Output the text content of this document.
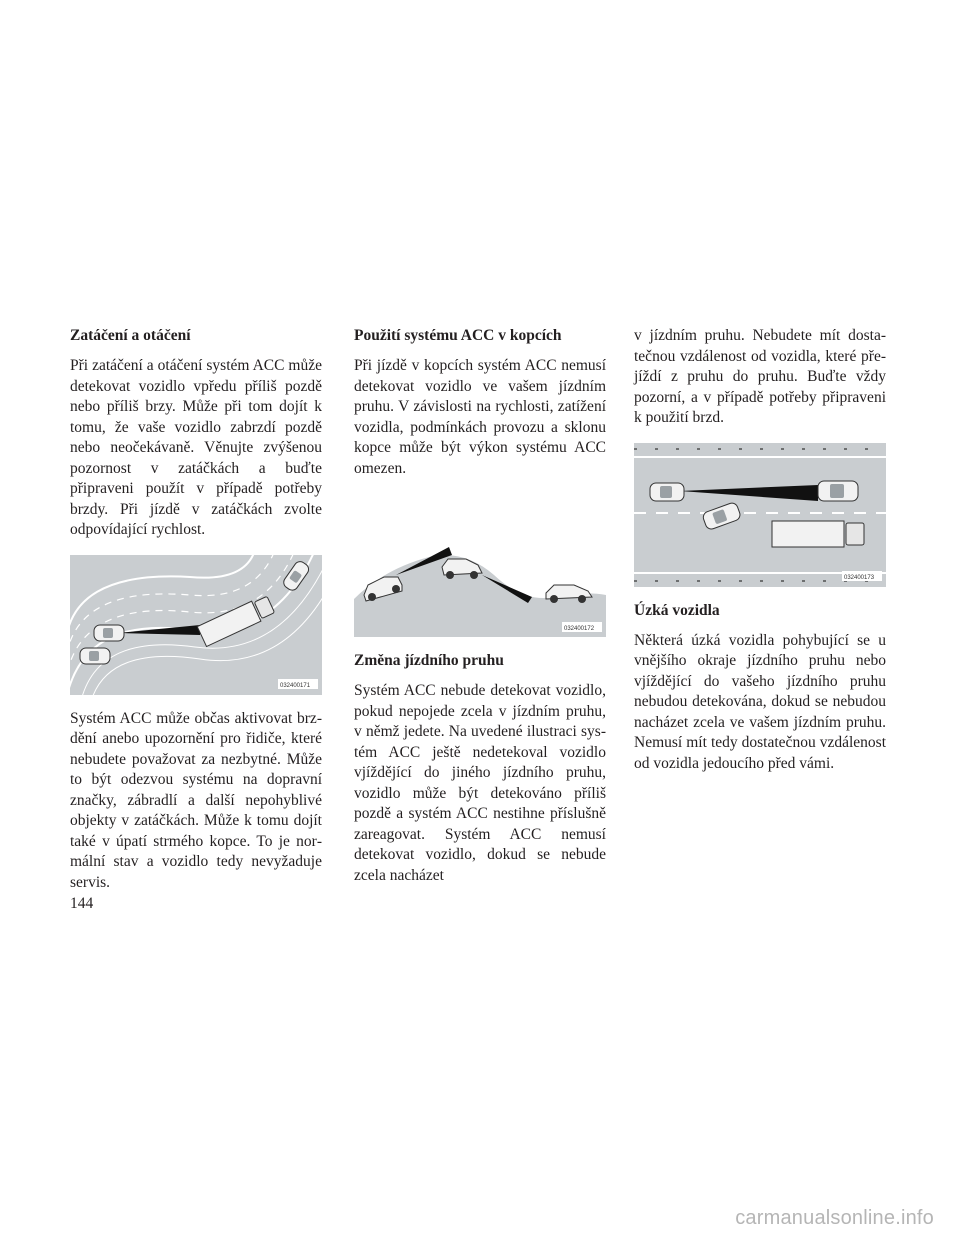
Zatáčení a otáčení

Při zatáčení a otáčení systém ACC může detekovat vozidlo vpředu příliš pozdě nebo příliš brzy. Může při tom dojít k tomu, že vaše vozidlo zabrzdí pozdě nebo neočekávaně. Věnujte zvýšenou pozornost v zatáčkách a buďte připraveni použít v případě potřeby brzdy. Při jízdě v zatáčkách zvolte odpovídající rychlost.

032400171

Systém ACC může občas aktivovat brzdění anebo upozornění pro řidiče, které nebudete považovat za nezbytné. Může to být odezvou systému na dopravní značky, zábradlí a další nepohyblivé objekty v zatáčkách. Může k tomu dojít také v úpatí strmého kopce. To je normální stav a vozidlo tedy nevyžaduje servis.

Použití systému ACC v kopcích

Při jízdě v kopcích systém ACC nemusí detekovat vozidlo ve vašem jízdním pruhu. V závislosti na rychlosti, zatížení vozidla, podmínkách provozu a sklonu kopce může být výkon systému ACC omezen.

032400172
Změna jízdního pruhu

Systém ACC nebude detekovat vozidlo, pokud nepojede zcela v jízdním pruhu, v němž jedete. Na uvedené ilustraci systém ACC ještě nedetekoval vozidlo vjíždějící do jiného jízdního pruhu, vozidlo může být detekováno příliš pozdě a systém ACC nestihne příslušně zareagovat. Systém ACC nemusí detekovat vozidlo, dokud se nebude zcela nacházet

v jízdním pruhu. Nebudete mít dostatečnou vzdálenost od vozidla, které přejíždí z pruhu do pruhu. Buďte vždy pozorní, a v případě potřeby připraveni k použití brzd.

032400173
Úzká vozidla

Některá úzká vozidla pohybující se u vnějšího okraje jízdního pruhu nebo vjíždějící do vašeho jízdního pruhu nebudou detekována, dokud se nebudou nacházet zcela ve vašem jízdním pruhu. Nemusí mít tedy dostatečnou vzdálenost od vozidla jedoucího před vámi.

144
carmanualsonline.info
